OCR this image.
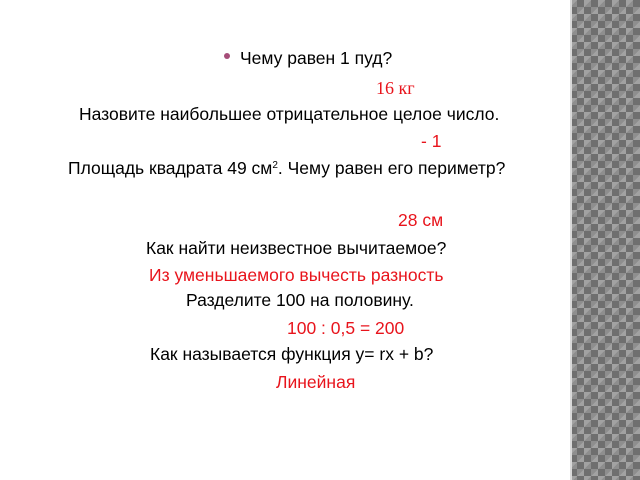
Чему равен 1 пуд?
16 кг
Назовите наибольшее отрицательное целое число.
- 1
Площадь квадрата 49 $см^2$. Чему равен его периметр?
28 см
Как найти неизвестное вычитаемое?
Из уменьшаемого вычесть разность
Разделите 100 на половину.
100 : 0,5 = 200
Как называется функция y= rx + b?
Линейная
